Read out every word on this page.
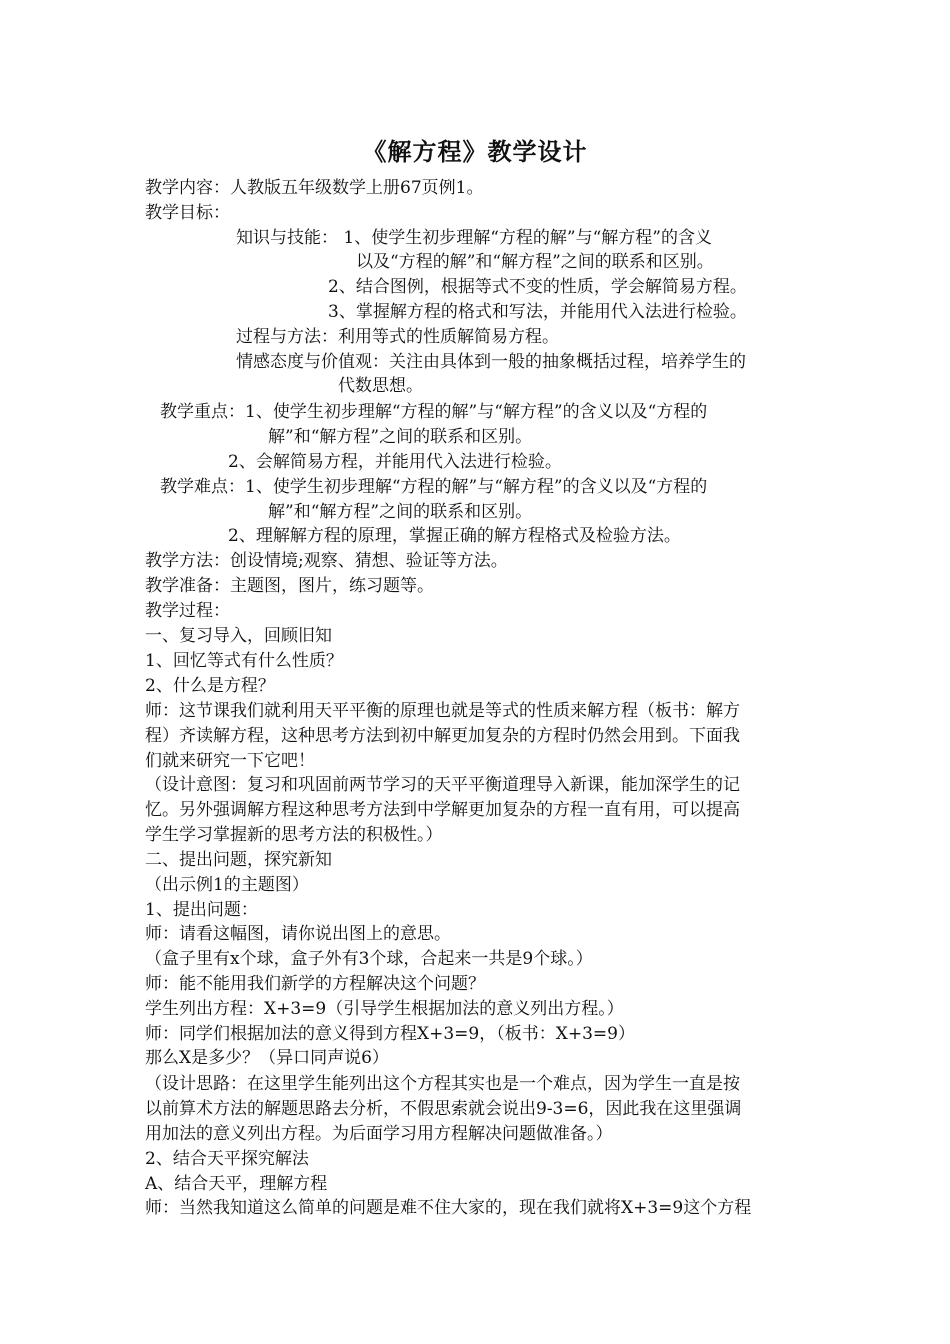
《解方程》教学设计
教学内容：人教版五年级数学上册67页例1。
教学目标：
知识与技能： 1、使学生初步理解“方程的解”与“解方程”的含义
以及“方程的解”和“解方程”之间的联系和区别。
2、结合图例，根据等式不变的性质，学会解简易方程。
3、掌握解方程的格式和写法，并能用代入法进行检验。
过程与方法：利用等式的性质解简易方程。
情感态度与价值观：关注由具体到一般的抽象概括过程，培养学生的
代数思想。
教学重点：1、使学生初步理解“方程的解”与“解方程”的含义以及“方程的
解”和“解方程”之间的联系和区别。
2、会解简易方程，并能用代入法进行检验。
教学难点：1、使学生初步理解“方程的解”与“解方程”的含义以及“方程的
解”和“解方程”之间的联系和区别。
2、理解解方程的原理，掌握正确的解方程格式及检验方法。
教学方法：创设情境;观察、猜想、验证等方法。
教学准备：主题图，图片，练习题等。
教学过程：
一、复习导入，回顾旧知
1、回忆等式有什么性质？
2、什么是方程？
师：这节课我们就利用天平平衡的原理也就是等式的性质来解方程（板书：解方
程）齐读解方程，这种思考方法到初中解更加复杂的方程时仍然会用到。下面我
们就来研究一下它吧！
（设计意图：复习和巩固前两节学习的天平平衡道理导入新课，能加深学生的记
忆。另外强调解方程这种思考方法到中学解更加复杂的方程一直有用，可以提高
学生学习掌握新的思考方法的积极性。）
二、提出问题，探究新知
（出示例1的主题图）
1、提出问题：
师：请看这幅图，请你说出图上的意思。
（盒子里有x个球，盒子外有3个球，合起来一共是9个球。）
师：能不能用我们新学的方程解决这个问题？
学生列出方程：X+3=9（引导学生根据加法的意义列出方程。）
师：同学们根据加法的意义得到方程X+3=9，（板书：X+3=9）
那么X是多少？（异口同声说6）
（设计思路：在这里学生能列出这个方程其实也是一个难点，因为学生一直是按
以前算术方法的解题思路去分析，不假思索就会说出9-3=6，因此我在这里强调
用加法的意义列出方程。为后面学习用方程解决问题做准备。）
2、结合天平探究解法
A、结合天平，理解方程
师：当然我知道这么简单的问题是难不住大家的，现在我们就将X+3=9这个方程
